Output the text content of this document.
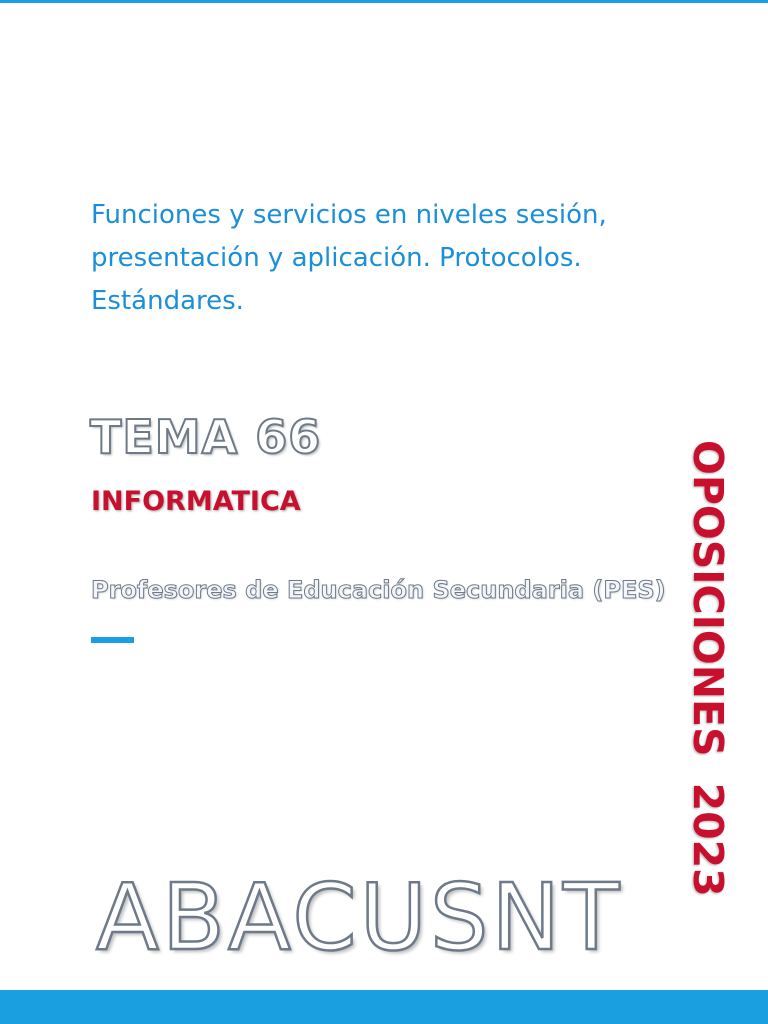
Funciones y servicios en niveles sesión,
presentación y aplicación. Protocolos.
Estándares.
TEMA 66
INFORMATICA
Profesores de Educación Secundaria (PES)
ABACUSNT
OPOSICIONES2023
